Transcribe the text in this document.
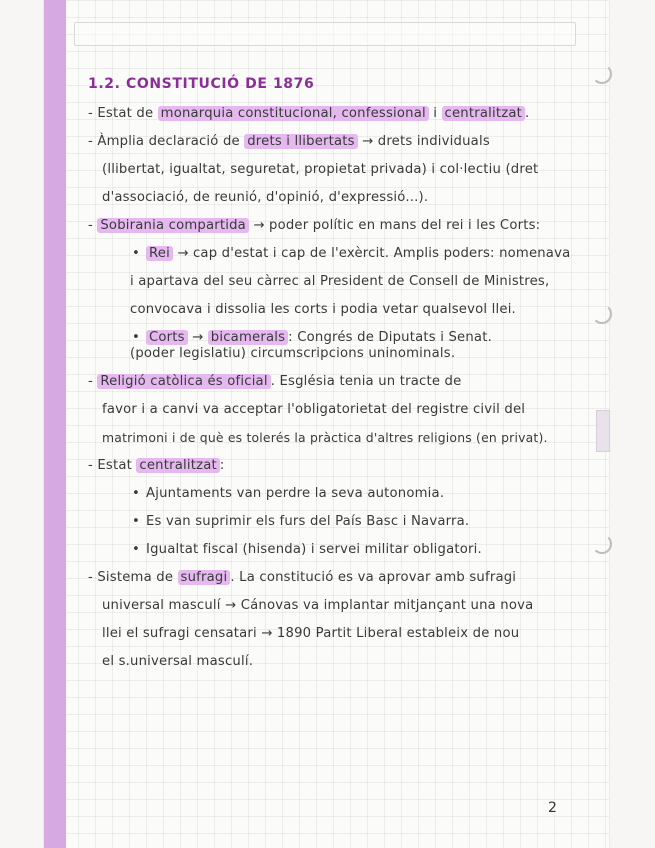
1.2. CONSTITUCIÓ DE 1876
- Estat de monarquia constitucional, confessional i centralitzat .
- Àmplia declaració de drets i llibertats → drets individuals
(llibertat, igualtat, seguretat, propietat privada) i col·lectiu (dret
d'associació, de reunió, d'opinió, d'expressió...).
- Sobirania compartida → poder polític en mans del rei i les Corts:
• Rei → cap d'estat i cap de l'exèrcit. Amplis poders: nomenava
i apartava del seu càrrec al President de Consell de Ministres,
convocava i dissolia les corts i podia vetar qualsevol llei.
• Corts → bicamerals : Congrés de Diputats i Senat.
(poder legislatiu) circumscripcions uninominals.
- Religió catòlica és oficial . Església tenia un tracte de
favor i a canvi va acceptar l'obligatorietat del registre civil del
matrimoni i de què es tolerés la pràctica d'altres religions (en privat).
- Estat centralitzat :
• Ajuntaments van perdre la seva autonomia.
• Es van suprimir els furs del País Basc i Navarra.
• Igualtat fiscal (hisenda) i servei militar obligatori.
- Sistema de sufragi . La constitució es va aprovar amb sufragi
universal masculí → Cánovas va implantar mitjançant una nova
llei el sufragi censatari → 1890 Partit Liberal estableix de nou
el s.universal masculí.
2
